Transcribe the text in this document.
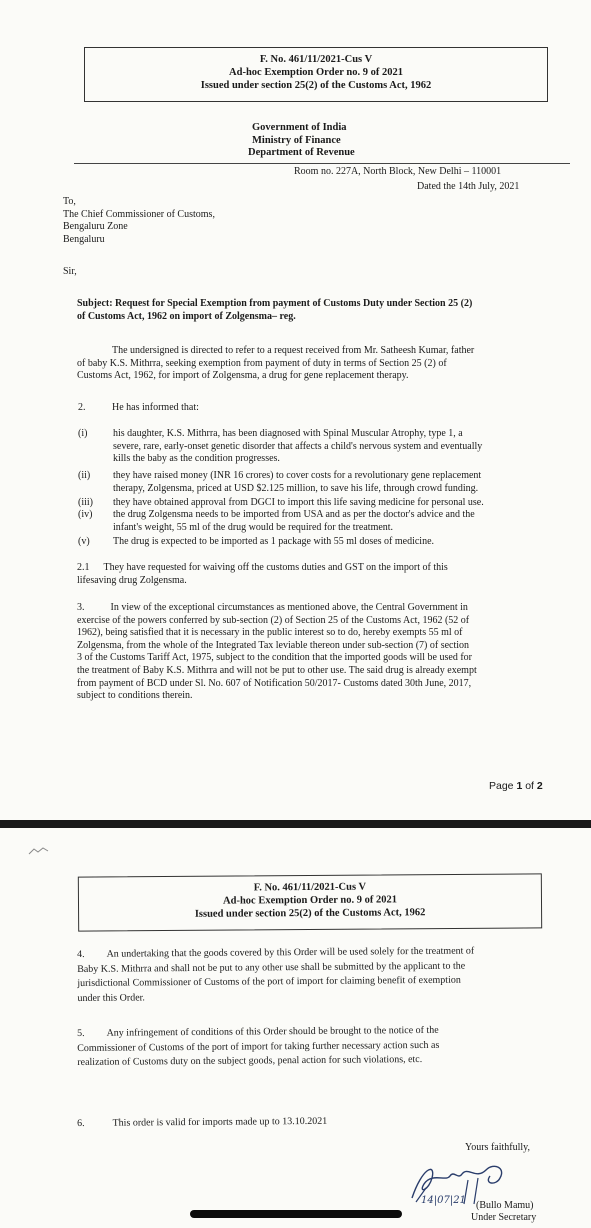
F. No. 461/11/2021-Cus V
Ad-hoc Exemption Order no. 9 of 2021
Issued under section 25(2) of the Customs Act, 1962
Government of India
Ministry of Finance
Department of Revenue
Room no. 227A, North Block, New Delhi – 110001
Dated the 14th July, 2021
To,
The Chief Commissioner of Customs,
Bengaluru Zone
Bengaluru
Sir,
Subject: Request for Special Exemption from payment of Customs Duty under Section 25 (2)
of Customs Act, 1962 on import of Zolgensma– reg.
The undersigned is directed to refer to a request received from Mr. Satheesh Kumar, father
of baby K.S. Mithrra, seeking exemption from payment of duty in terms of Section 25 (2) of
Customs Act, 1962, for import of Zolgensma, a drug for gene replacement therapy.
2.	He has informed that:
(i)	his daughter, K.S. Mithrra, has been diagnosed with Spinal Muscular Atrophy, type 1, a
severe, rare, early-onset genetic disorder that affects a child's nervous system and eventually
kills the baby as the condition progresses.
(ii) they have raised money (INR 16 crores) to cover costs for a revolutionary gene replacement
therapy, Zolgensma, priced at USD $2.125 million, to save his life, through crowd funding.
(iii) they have obtained approval from DGCI to import this life saving medicine for personal use.
(iv) the drug Zolgensma needs to be imported from USA and as per the doctor's advice and the
infant's weight, 55 ml of the drug would be required for the treatment.
(v) The drug is expected to be imported as 1 package with 55 ml doses of medicine.
2.1 They have requested for waiving off the customs duties and GST on the import of this
lifesaving drug Zolgensma.
3.	In view of the exceptional circumstances as mentioned above, the Central Government in
exercise of the powers conferred by sub-section (2) of Section 25 of the Customs Act, 1962 (52 of
1962), being satisfied that it is necessary in the public interest so to do, hereby exempts 55 ml of
Zolgensma, from the whole of the Integrated Tax leviable thereon under sub-section (7) of section
3 of the Customs Tariff Act, 1975, subject to the condition that the imported goods will be used for
the treatment of Baby K.S. Mithrra and will not be put to other use. The said drug is already exempt
from payment of BCD under Sl. No. 607 of Notification 50/2017- Customs dated 30th June, 2017,
subject to conditions therein.
Page 1 of 2
F. No. 461/11/2021-Cus V
Ad-hoc Exemption Order no. 9 of 2021
Issued under section 25(2) of the Customs Act, 1962
4. An undertaking that the goods covered by this Order will be used solely for the treatment of
Baby K.S. Mithrra and shall not be put to any other use shall be submitted by the applicant to the
jurisdictional Commissioner of Customs of the port of import for claiming benefit of exemption
under this Order.
5. Any infringement of conditions of this Order should be brought to the notice of the
Commissioner of Customs of the port of import for taking further necessary action such as
realization of Customs duty on the subject goods, penal action for such violations, etc.
6.	This order is valid for imports made up to 13.10.2021
Yours faithfully,
14|07|21 (Bullo Mamu)
Under Secretary
